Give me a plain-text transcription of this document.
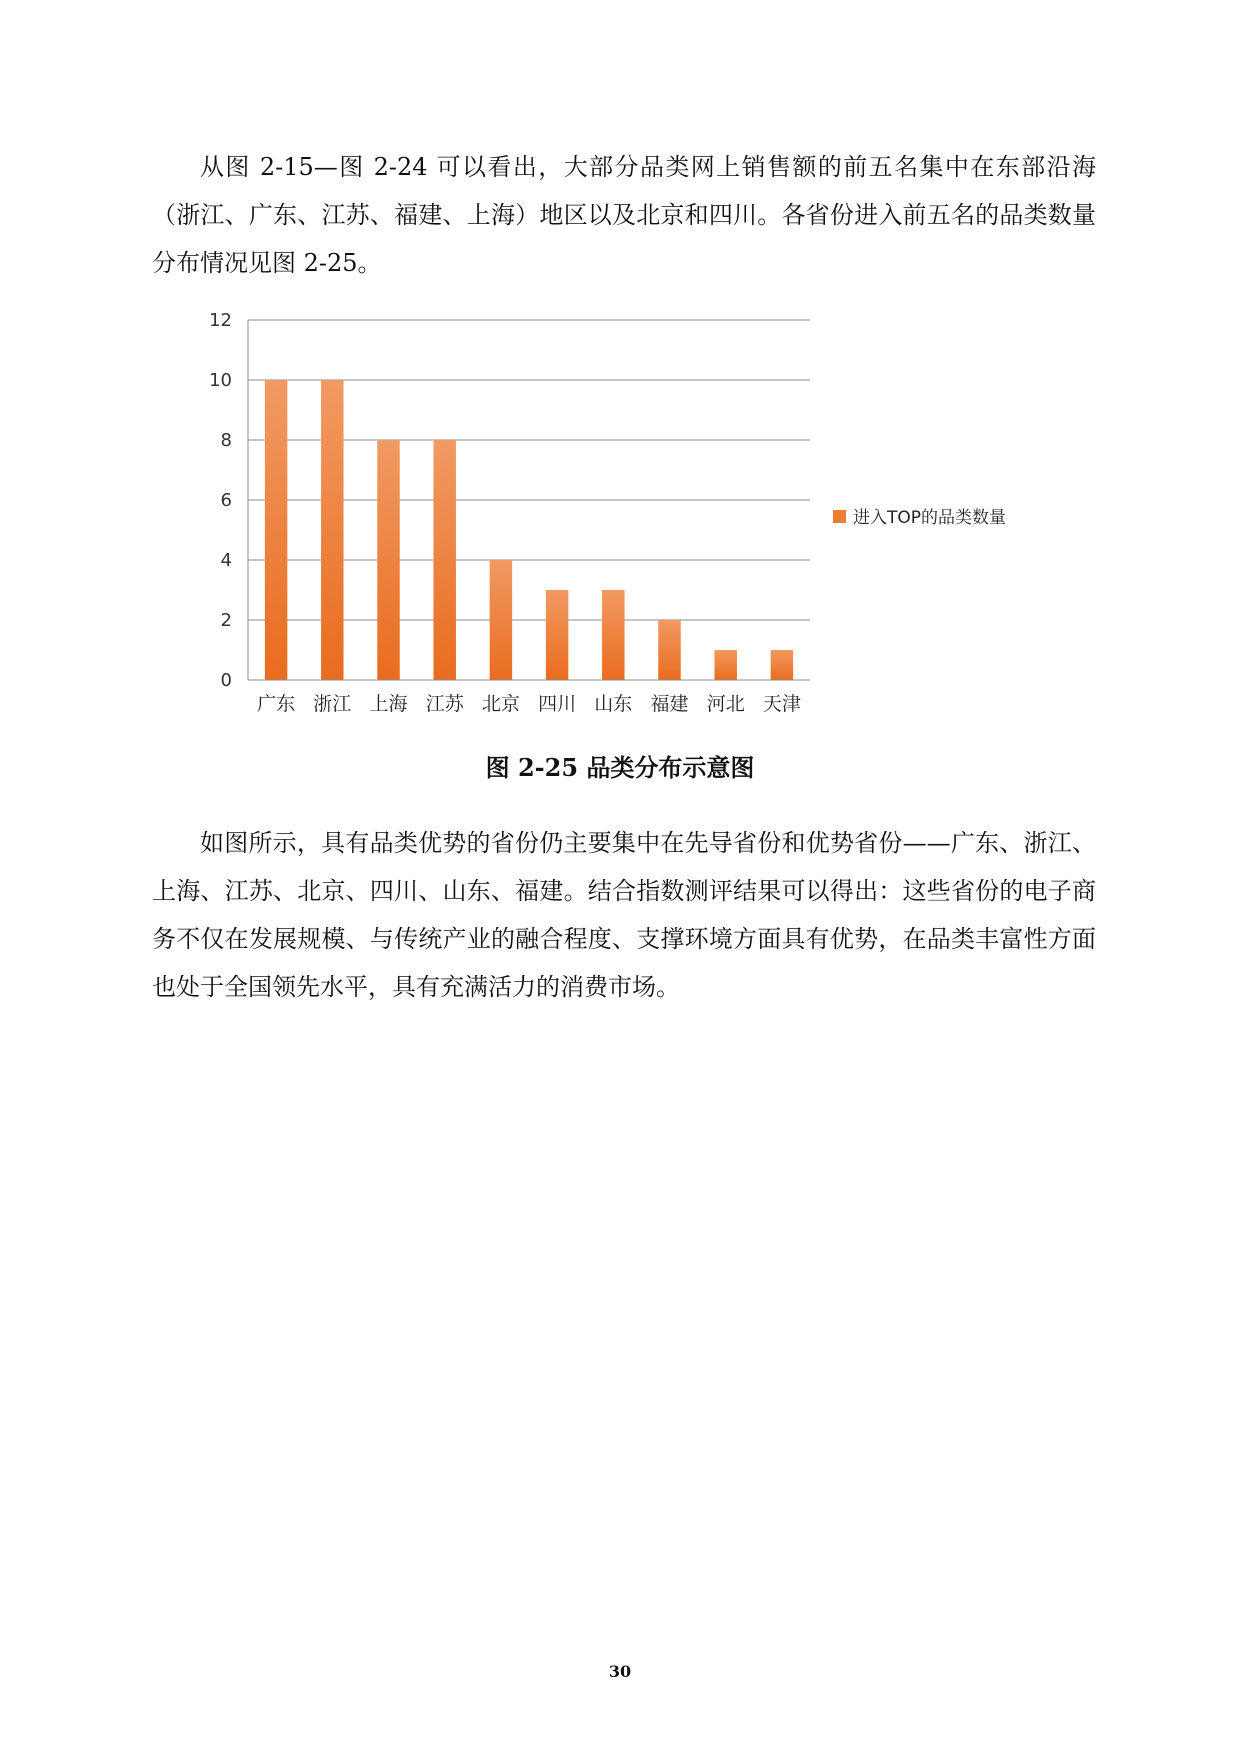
从图 2-15—图 2-24 可以看出，大部分品类网上销售额的前五名集中在东部沿海（浙江、广东、江苏、福建、上海）地区以及北京和四川。各省份进入前五名的品类数量分布情况见图 2-25。

0
2
4
6
8
10
12
广东 浙江 上海 江苏 北京 四川 山东 福建 河北 天津
进入TOP的品类数量
图 2-25 品类分布示意图

如图所示，具有品类优势的省份仍主要集中在先导省份和优势省份——广东、浙江、上海、江苏、北京、四川、山东、福建。结合指数测评结果可以得出：这些省份的电子商务不仅在发展规模、与传统产业的融合程度、支撑环境方面具有优势，在品类丰富性方面也处于全国领先水平，具有充满活力的消费市场。

30
